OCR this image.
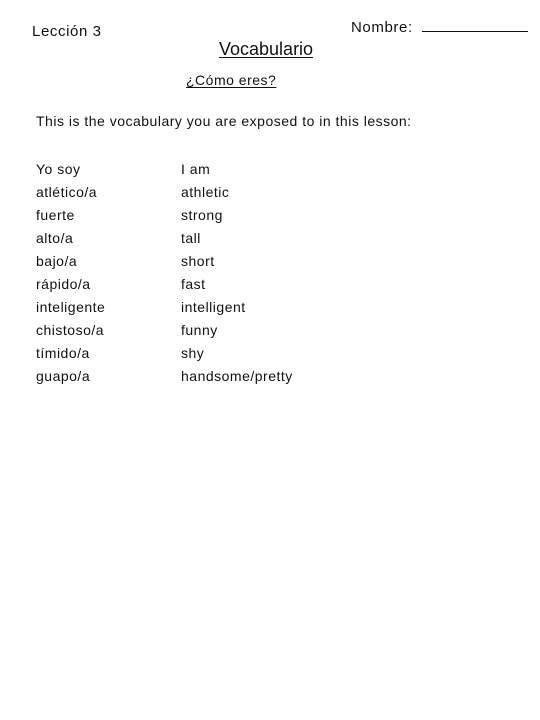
Lección 3	Nombre:
Vocabulario
¿Cómo eres?
This is the vocabulary you are exposed to in this lesson:
Yo soy	I am
atlético/a	athletic
fuerte	strong
alto/a	tall
bajo/a	short
rápido/a	fast
inteligente	intelligent
chistoso/a	funny
tímido/a	shy
guapo/a	handsome/pretty
